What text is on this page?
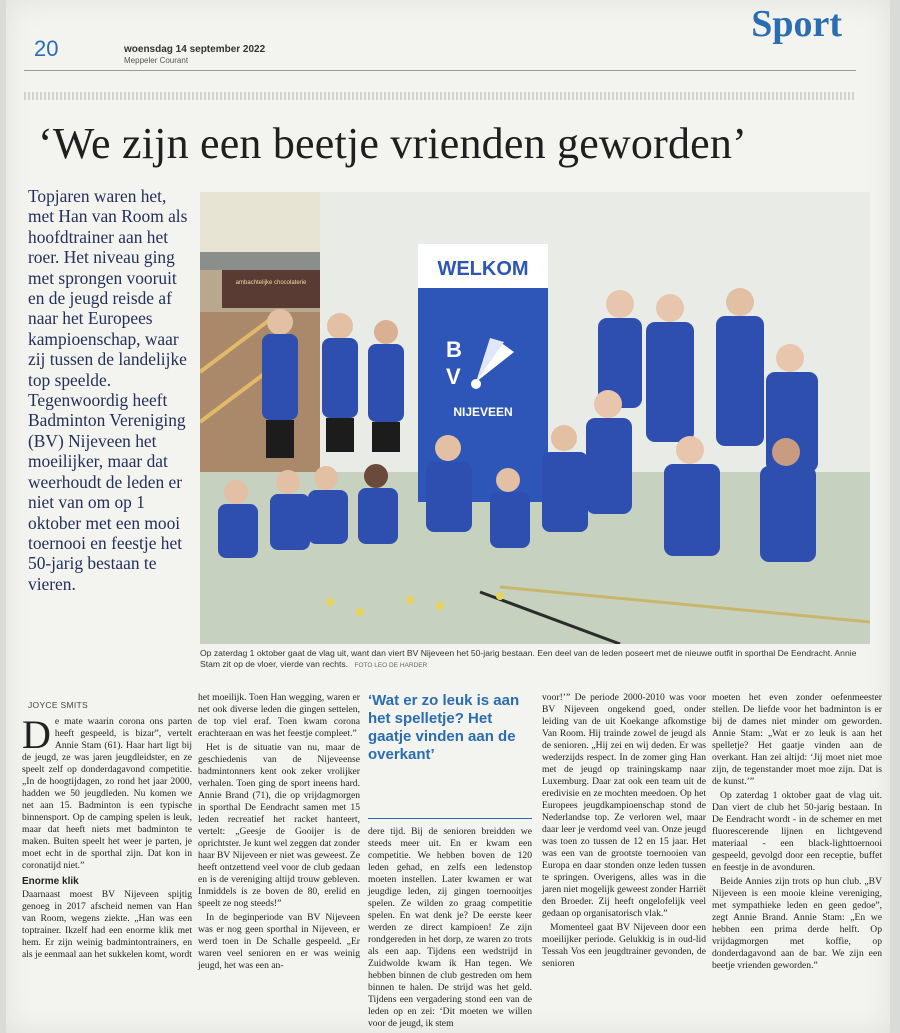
20	woensdag 14 september 2022
Meppeler Courant
Sport
‘We zijn een beetje vrienden geworden’
Topjaren waren het, met Han van Room als hoofdtrainer aan het roer. Het niveau ging met sprongen vooruit en de jeugd reisde af naar het Europees kampioenschap, waar zij tussen de landelijke top speelde. Tegenwoordig heeft Badminton Vereniging (BV) Nijeveen het moeilijker, maar dat weerhoudt de leden er niet van om op 1 oktober met een mooi toernooi en feestje het 50-jarig bestaan te vieren.
ambachtelijke chocolaterie
WELKOM
B
V
NIJEVEEN
Op zaterdag 1 oktober gaat de vlag uit, want dan viert BV Nijeveen het 50-jarig bestaan. Een deel van de leden poseert met de nieuwe outfit in sporthal De Eendracht. Annie Stam zit op de vloer, vierde van rechts. FOTO LEO DE HARDER
JOYCE SMITS

De mate waarin corona ons parten heeft gespeeld, is bizar”, vertelt Annie Stam (61). Haar hart ligt bij de jeugd, ze was jaren jeugdleidster, en ze speelt zelf op donderdagavond competitie. „In de hoogtijdagen, zo rond het jaar 2000, hadden we 50 jeugdleden. Nu komen we net aan 15. Badminton is een typische binnensport. Op de camping spelen is leuk, maar dat heeft niets met badminton te maken. Buiten speelt het weer je parten, je moet echt in de sporthal zijn. Dat kon in coronatijd niet.”

Enorme klik

Daarnaast moest BV Nijeveen spijtig genoeg in 2017 afscheid nemen van Han van Room, wegens ziekte. „Han was een toptrainer. Ikzelf had een enorme klik met hem. Er zijn weinig badmintontrainers, en als je eenmaal aan het sukkelen komt, wordt

het moeilijk. Toen Han wegging, waren er net ook diverse leden die gingen settelen, de top viel eraf. Toen kwam corona erachteraan en was het feestje compleet.”

Het is de situatie van nu, maar de geschiedenis van de Nijeveense badmintonners kent ook zeker vrolijker verhalen. Toen ging de sport ineens hard. Annie Brand (71), die op vrijdagmorgen in sporthal De Eendracht samen met 15 leden recreatief het racket hanteert, vertelt: „Geesje de Gooijer is de oprichtster. Je kunt wel zeggen dat zonder haar BV Nijeveen er niet was geweest. Ze heeft ontzettend veel voor de club gedaan en is de vereniging altijd trouw gebleven. Inmiddels is ze boven de 80, erelid en speelt ze nog steeds!”

In de beginperiode van BV Nijeveen was er nog geen sporthal in Nijeveen, er werd toen in De Schalle gespeeld. „Er waren veel senioren en er was weinig jeugd, het was een an-

‘Wat er zo leuk is aan het spelletje? Het gaatje vinden aan de overkant’

dere tijd. Bij de senioren breidden we steeds meer uit. En er kwam een competitie. We hebben boven de 120 leden gehad, en zelfs een ledenstop moeten instellen. Later kwamen er wat jeugdige leden, zij gingen toernooitjes spelen. Ze wilden zo graag competitie spelen. En wat denk je? De eerste keer werden ze direct kampioen! Ze zijn rondgereden in het dorp, ze waren zo trots als een aap. Tijdens een wedstrijd in Zuidwolde kwam ik Han tegen. We hebben binnen de club gestreden om hem binnen te halen. De strijd was het geld. Tijdens een vergadering stond een van de leden op en zei: ‘Dit moeten we willen voor de jeugd, ik stem

voor!’” De periode 2000-2010 was voor BV Nijeveen ongekend goed, onder leiding van de uit Koekange afkomstige Van Room. Hij trainde zowel de jeugd als de senioren. „Hij zei en wij deden. Er was wederzijds respect. In de zomer ging Han met de jeugd op trainingskamp naar Luxemburg. Daar zat ook een team uit de eredivisie en ze mochten meedoen. Op het Europees jeugdkampioenschap stond de Nederlandse top. Ze verloren wel, maar daar leer je verdomd veel van. Onze jeugd was toen zo tussen de 12 en 15 jaar. Het was een van de grootste toernooien van Europa en daar stonden onze leden tussen te springen. Overigens, alles was in die jaren niet mogelijk geweest zonder Harriët den Broeder. Zij heeft ongelofelijk veel gedaan op organisatorisch vlak.”

Momenteel gaat BV Nijeveen door een moeilijker periode. Gelukkig is in oud-lid Tessah Vos een jeugdtrainer gevonden, de senioren

moeten het even zonder oefenmeester stellen. De liefde voor het badminton is er bij de dames niet minder om geworden. Annie Stam: „Wat er zo leuk is aan het spelletje? Het gaatje vinden aan de overkant. Han zei altijd: ‘Jij moet niet moe zijn, de tegenstander moet moe zijn. Dat is de kunst.’”

Op zaterdag 1 oktober gaat de vlag uit. Dan viert de club het 50-jarig bestaan. In De Eendracht wordt - in de schemer en met fluorescerende lijnen en lichtgevend materiaal - een black-lighttoernooi gespeeld, gevolgd door een receptie, buffet en feestje in de avonduren.

Beide Annies zijn trots op hun club. „BV Nijeveen is een mooie kleine vereniging, met sympathieke leden en geen gedoe”, zegt Annie Brand. Annie Stam: „En we hebben een prima derde helft. Op vrijdagmorgen met koffie, op donderdagavond aan de bar. We zijn een beetje vrienden geworden.”
